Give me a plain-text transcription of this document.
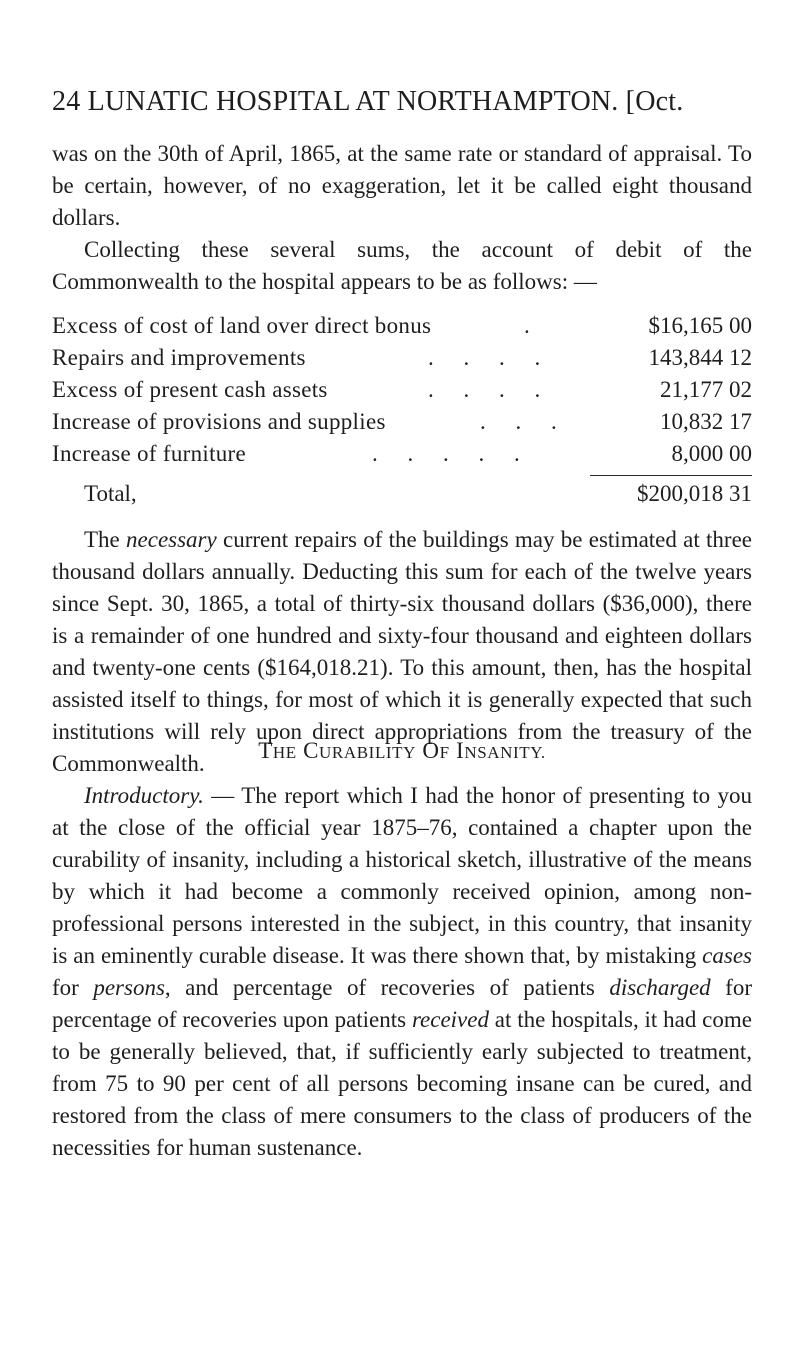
24 LUNATIC HOSPITAL AT NORTHAMPTON. [Oct.

was on the 30th of April, 1865, at the same rate or standard of appraisal. To be certain, however, of no exaggeration, let it be called eight thousand dollars.

Collecting these several sums, the account of debit of the Commonwealth to the hospital appears to be as follows: —

Excess of cost of land over direct bonus	.	$16,165 00
Repairs and improvements	. . . .	143,844 12
Excess of present cash assets	. . . .	21,177 02
Increase of provisions and supplies	. . .	10,832 17
Increase of furniture	. . . . .	8,000 00
Total,	$200,018 31

The necessary current repairs of the buildings may be estimated at three thousand dollars annually. Deducting this sum for each of the twelve years since Sept. 30, 1865, a total of thirty-six thousand dollars ($36,000), there is a remainder of one hundred and sixty-four thousand and eighteen dollars and twenty-one cents ($164,018.21). To this amount, then, has the hospital assisted itself to things, for most of which it is generally expected that such institutions will rely upon direct appropriations from the treasury of the Commonwealth.

THE CURABILITY OF INSANITY.

Introductory. — The report which I had the honor of presenting to you at the close of the official year 1875–76, contained a chapter upon the curability of insanity, including a historical sketch, illustrative of the means by which it had become a commonly received opinion, among non-professional persons interested in the subject, in this country, that insanity is an eminently curable disease. It was there shown that, by mistaking cases for persons, and percentage of recoveries of patients discharged for percentage of recoveries upon patients received at the hospitals, it had come to be generally believed, that, if sufficiently early subjected to treatment, from 75 to 90 per cent of all persons becoming insane can be cured, and restored from the class of mere consumers to the class of producers of the necessities for human sustenance.
